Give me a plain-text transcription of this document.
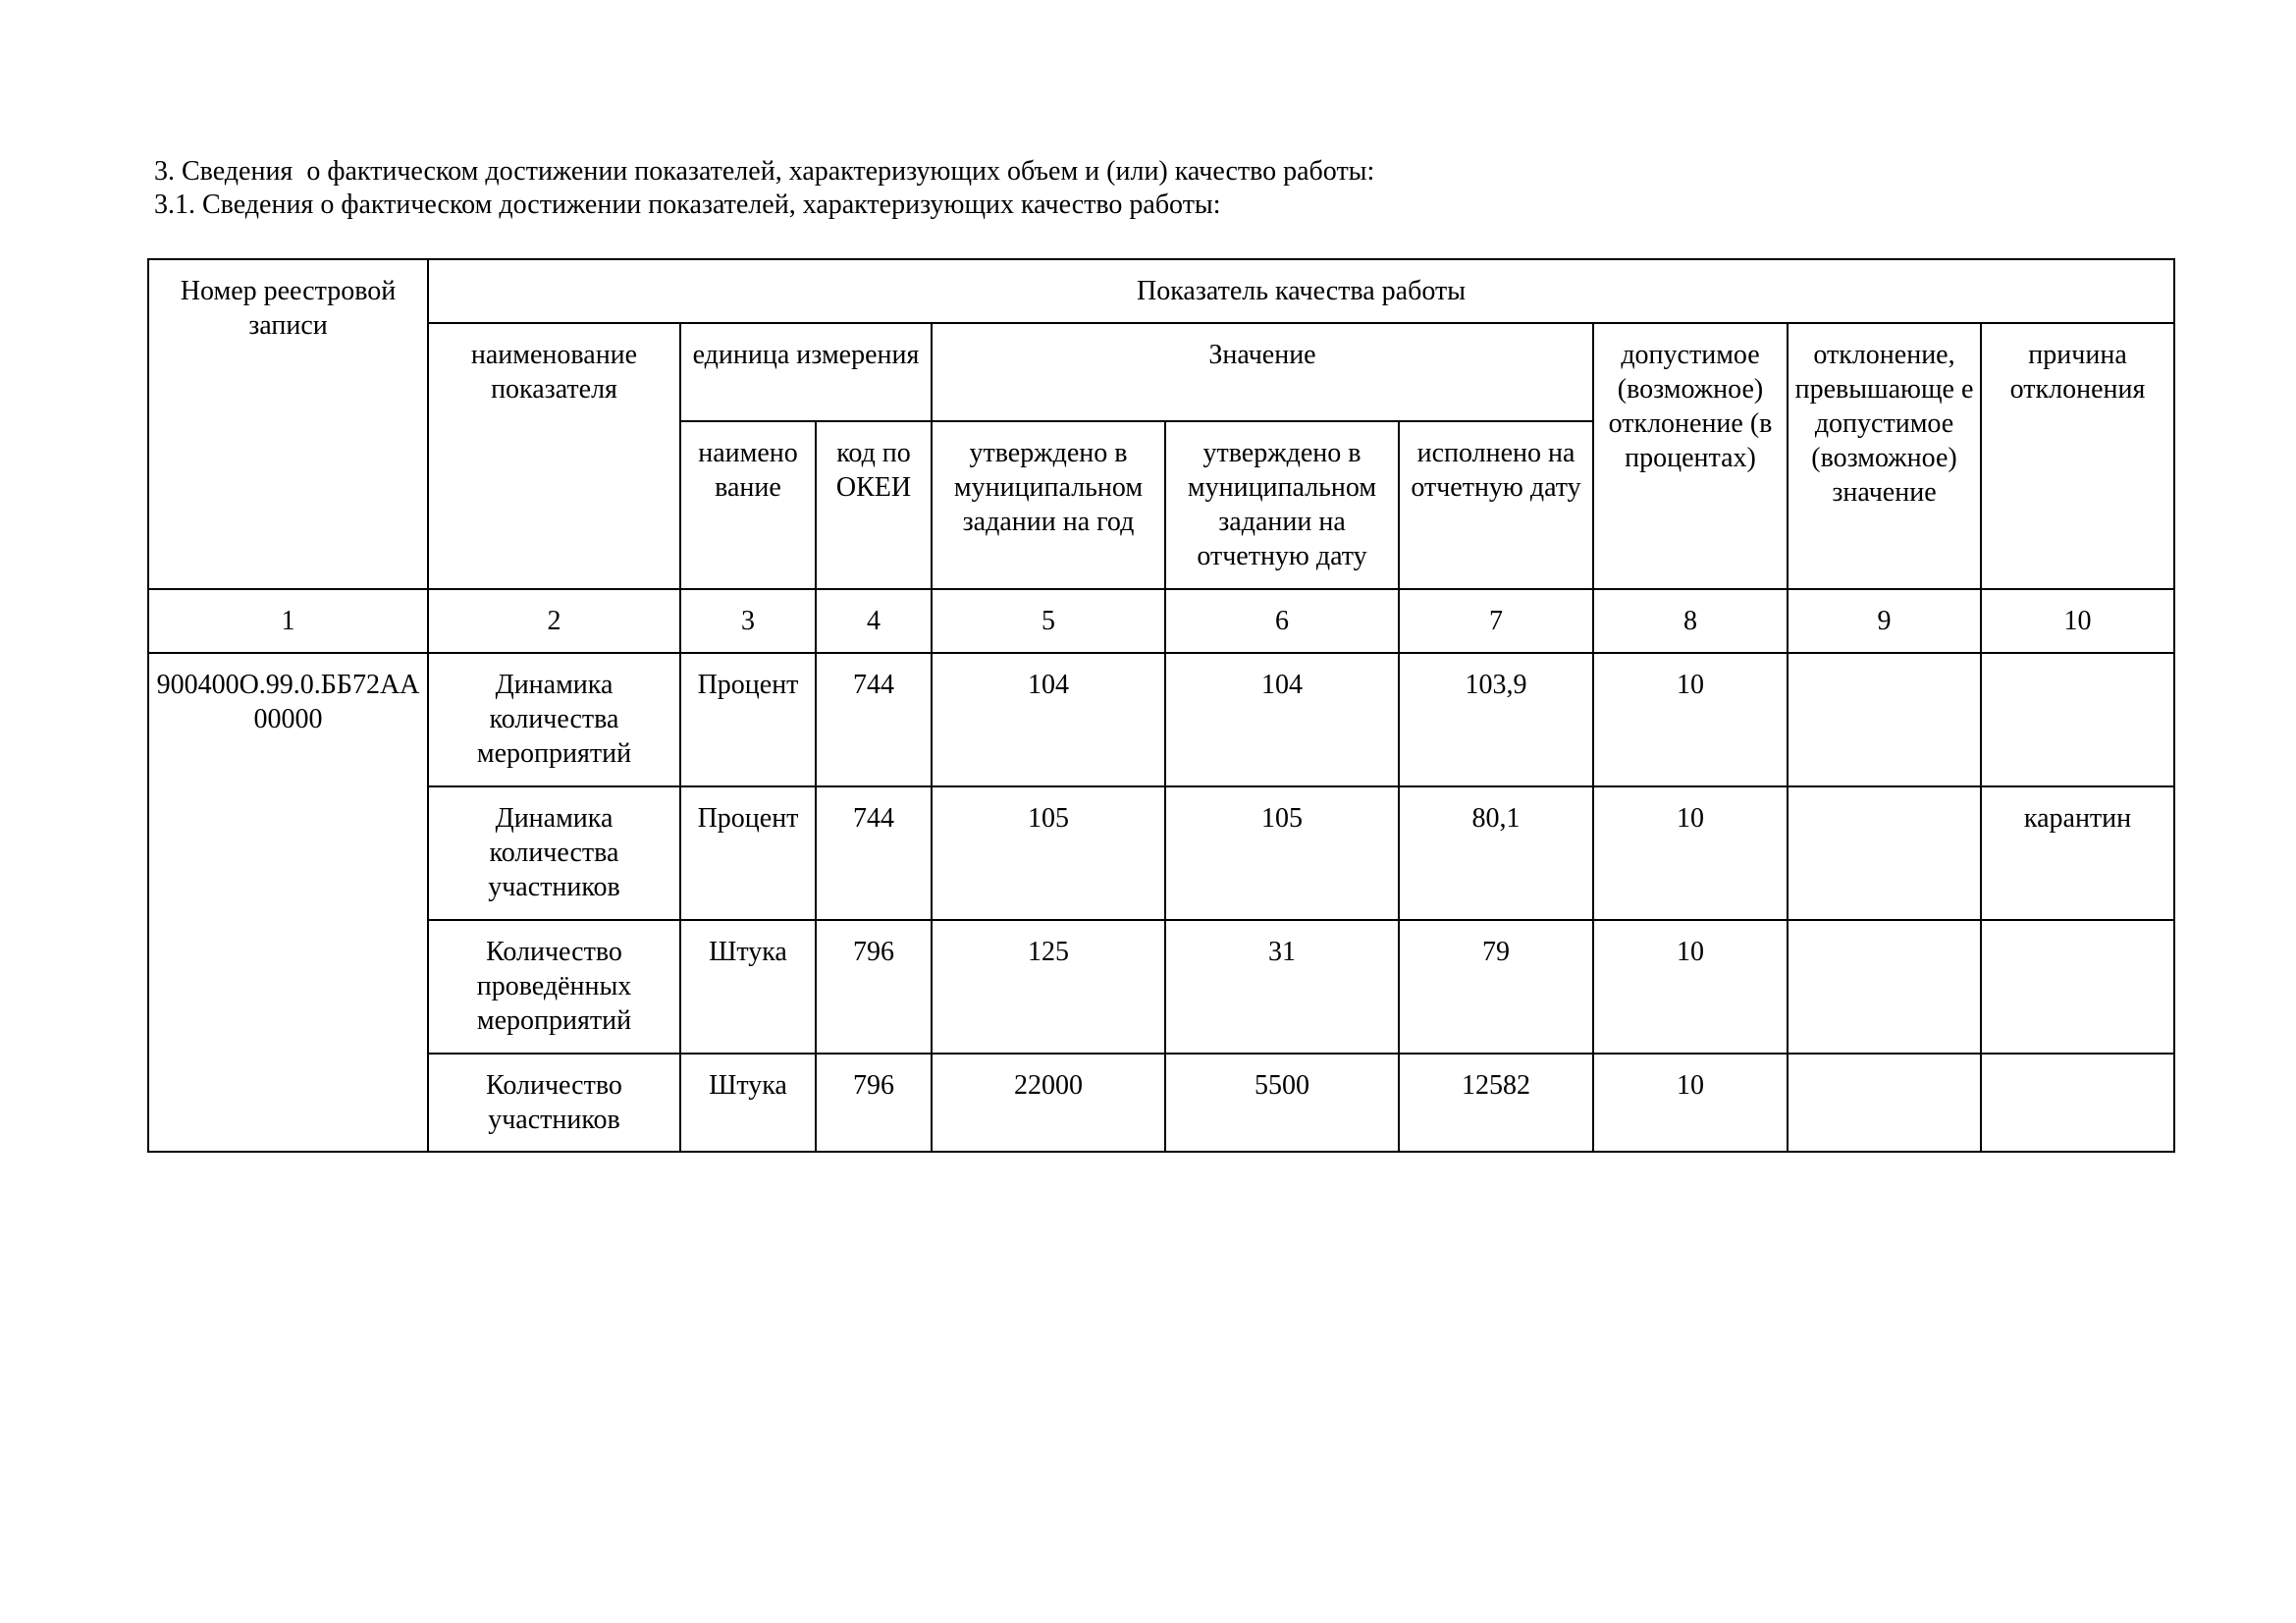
3. Сведения  о фактическом достижении показателей, характеризующих объем и (или) качество работы:
3.1. Сведения о фактическом достижении показателей, характеризующих качество работы:
Номер реестровой записи	Показатель качества работы								
	наименование показателя	единица измерения		Значение			допустимое (возможное) отклонение (в процентах)	отклонение, превышающе е допустимое (возможное) значение	причина отклонения
		наимено вание	код по ОКЕИ	утверждено в муниципальном задании на год	утверждено в муниципальном задании на отчетную дату	исполнено на отчетную дату			
1	2	3	4	5	6	7	8	9	10
900400О.99.0.ББ72АА00000	Динамика количества мероприятий	Процент	744	104	104	103,9	10		
	Динамика количества участников	Процент	744	105	105	80,1	10		карантин
	Количество проведённых мероприятий	Штука	796	125	31	79	10		
	Количество участников	Штука	796	22000	5500	12582	10		
